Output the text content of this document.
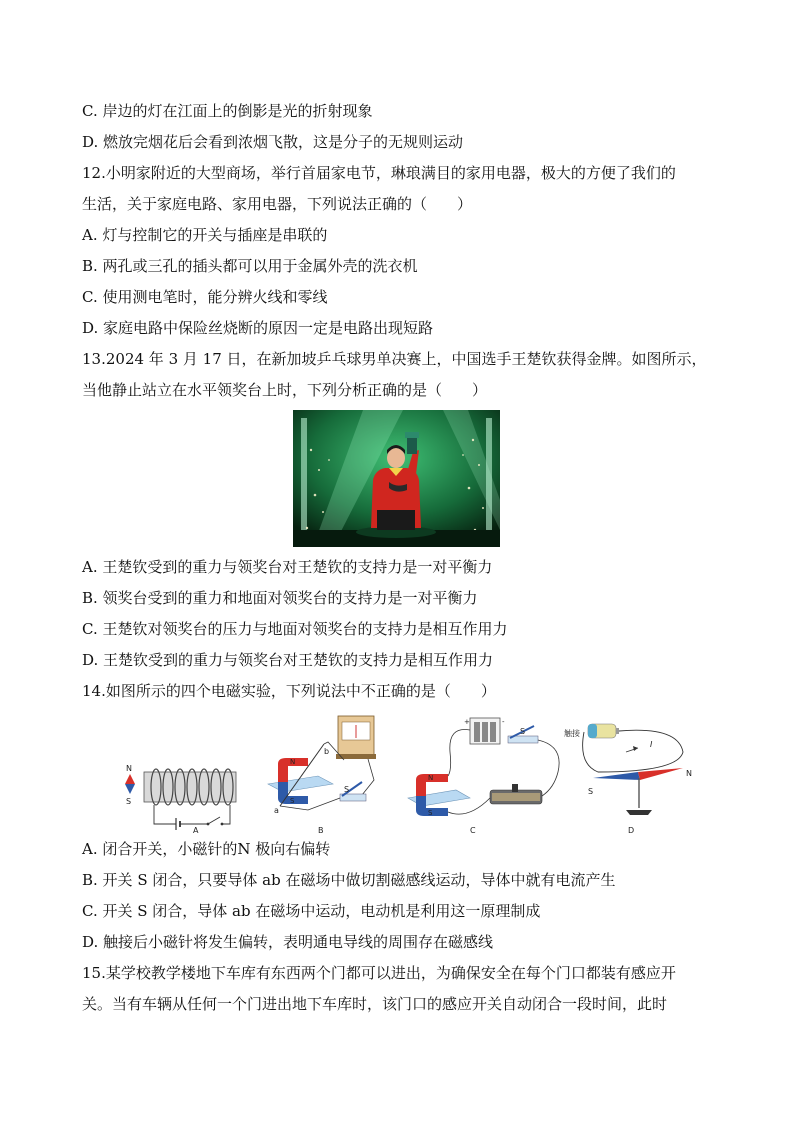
C. 岸边的灯在江面上的倒影是光的折射现象
D. 燃放完烟花后会看到浓烟飞散，这是分子的无规则运动
12.小明家附近的大型商场，举行首届家电节，琳琅满目的家用电器，极大的方便了我们的
生活，关于家庭电路、家用电器，下列说法正确的（　　）
A. 灯与控制它的开关与插座是串联的
B. 两孔或三孔的插头都可以用于金属外壳的洗衣机
C. 使用测电笔时，能分辨火线和零线
D. 家庭电路中保险丝烧断的原因一定是电路出现短路
13.2024 年 3 月 17 日，在新加坡乒乓球男单决赛上，中国选手王楚钦获得金牌。如图所示，
当他静止站立在水平领奖台上时，下列分析正确的是（　　）
A. 王楚钦受到的重力与领奖台对王楚钦的支持力是一对平衡力
B. 领奖台受到的重力和地面对领奖台的支持力是一对平衡力
C. 王楚钦对领奖台的压力与地面对领奖台的支持力是相互作用力
D. 王楚钦受到的重力与领奖台对王楚钦的支持力是相互作用力
14.如图所示的四个电磁实验，下列说法中不正确的是（　　）
N
S
A
N
S
a
b
S
B
+	-
S
N
S
C
触接
I
S
N
D
A. 闭合开关，小磁针的N 极向右偏转
B. 开关 S 闭合，只要导体 ab 在磁场中做切割磁感线运动，导体中就有电流产生
C. 开关 S 闭合，导体 ab 在磁场中运动，电动机是利用这一原理制成
D. 触接后小磁针将发生偏转，表明通电导线的周围存在磁感线
15.某学校教学楼地下车库有东西两个门都可以进出，为确保安全在每个门口都装有感应开
关。当有车辆从任何一个门进出地下车库时，该门口的感应开关自动闭合一段时间，此时
